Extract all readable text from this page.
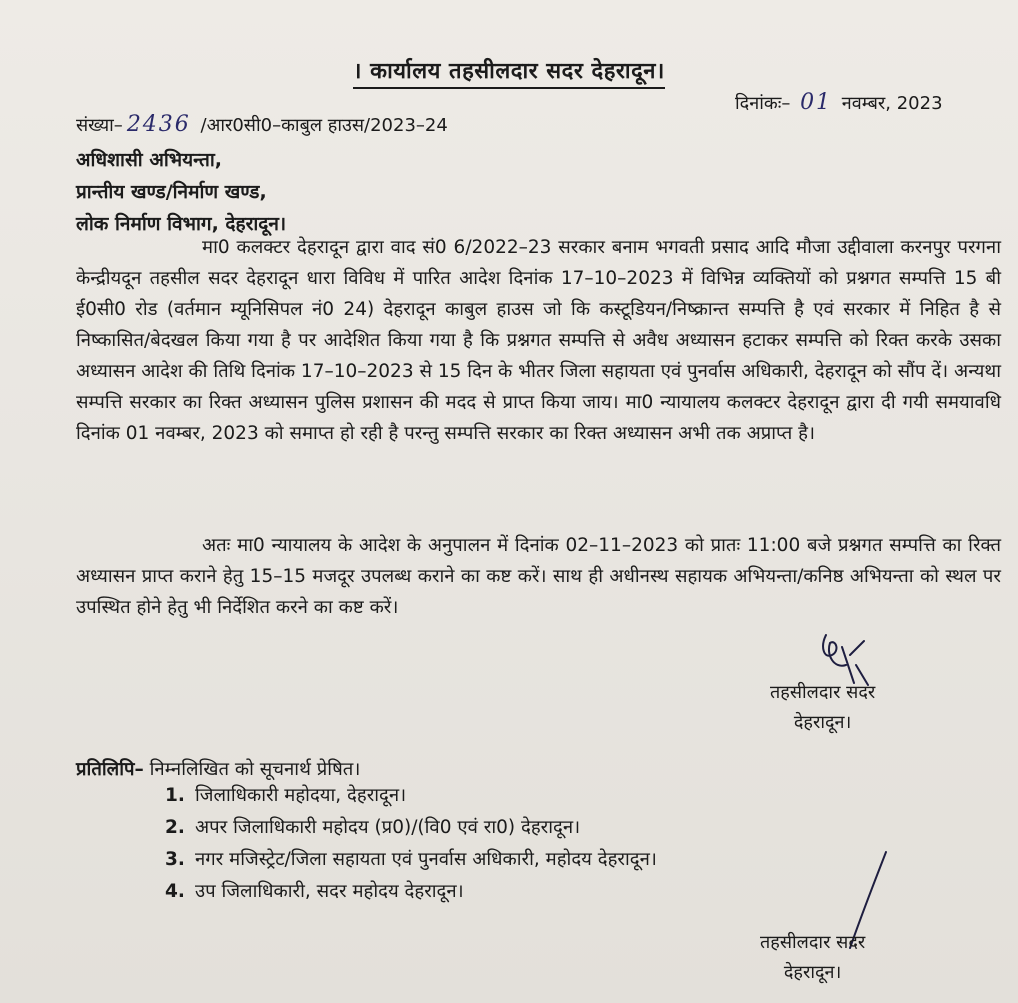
। कार्यालय तहसीलदार सदर देहरादून।
संख्या– 2436 /आर0सी0–काबुल हाउस/2023–24
दिनांकः– 01 नवम्बर, 2023
अधिशासी अभियन्ता,
प्रान्तीय खण्ड/निर्माण खण्ड,
लोक निर्माण विभाग, देहरादून।
मा0 कलक्टर देहरादून द्वारा वाद सं0 6/2022–23 सरकार बनाम भगवती प्रसाद आदि मौजा उद्दीवाला करनपुर परगना केन्द्रीयदून तहसील सदर देहरादून धारा विविध में पारित आदेश दिनांक 17–10–2023 में विभिन्न व्यक्तियों को प्रश्नगत सम्पत्ति 15 बी ई0सी0 रोड (वर्तमान म्यूनिसिपल नं0 24) देहरादून काबुल हाउस जो कि कस्टूडियन/निष्क्रान्त सम्पत्ति है एवं सरकार में निहित है से निष्कासित/बेदखल किया गया है पर आदेशित किया गया है कि प्रश्नगत सम्पत्ति से अवैध अध्यासन हटाकर सम्पत्ति को रिक्त करके उसका अध्यासन आदेश की तिथि दिनांक 17–10–2023 से 15 दिन के भीतर जिला सहायता एवं पुनर्वास अधिकारी, देहरादून को सौंप दें। अन्यथा सम्पत्ति सरकार का रिक्त अध्यासन पुलिस प्रशासन की मदद से प्राप्त किया जाय। मा0 न्यायालय कलक्टर देहरादून द्वारा दी गयी समयावधि दिनांक 01 नवम्बर, 2023 को समाप्त हो रही है परन्तु सम्पत्ति सरकार का रिक्त अध्यासन अभी तक अप्राप्त है।
अतः मा0 न्यायालय के आदेश के अनुपालन में दिनांक 02–11–2023 को प्रातः 11:00 बजे प्रश्नगत सम्पत्ति का रिक्त अध्यासन प्राप्त कराने हेतु 15–15 मजदूर उपलब्ध कराने का कष्ट करें। साथ ही अधीनस्थ सहायक अभियन्ता/कनिष्ठ अभियन्ता को स्थल पर उपस्थित होने हेतु भी निर्देशित करने का कष्ट करें।
तहसीलदार सदर
देहरादून।
प्रतिलिपि– निम्नलिखित को सूचनार्थ प्रेषित।
1. जिलाधिकारी महोदया, देहरादून।
2. अपर जिलाधिकारी महोदय (प्र0)/(वि0 एवं रा0) देहरादून।
3. नगर मजिस्ट्रेट/जिला सहायता एवं पुनर्वास अधिकारी, महोदय देहरादून।
4. उप जिलाधिकारी, सदर महोदय देहरादून।
तहसीलदार सदर
देहरादून।
